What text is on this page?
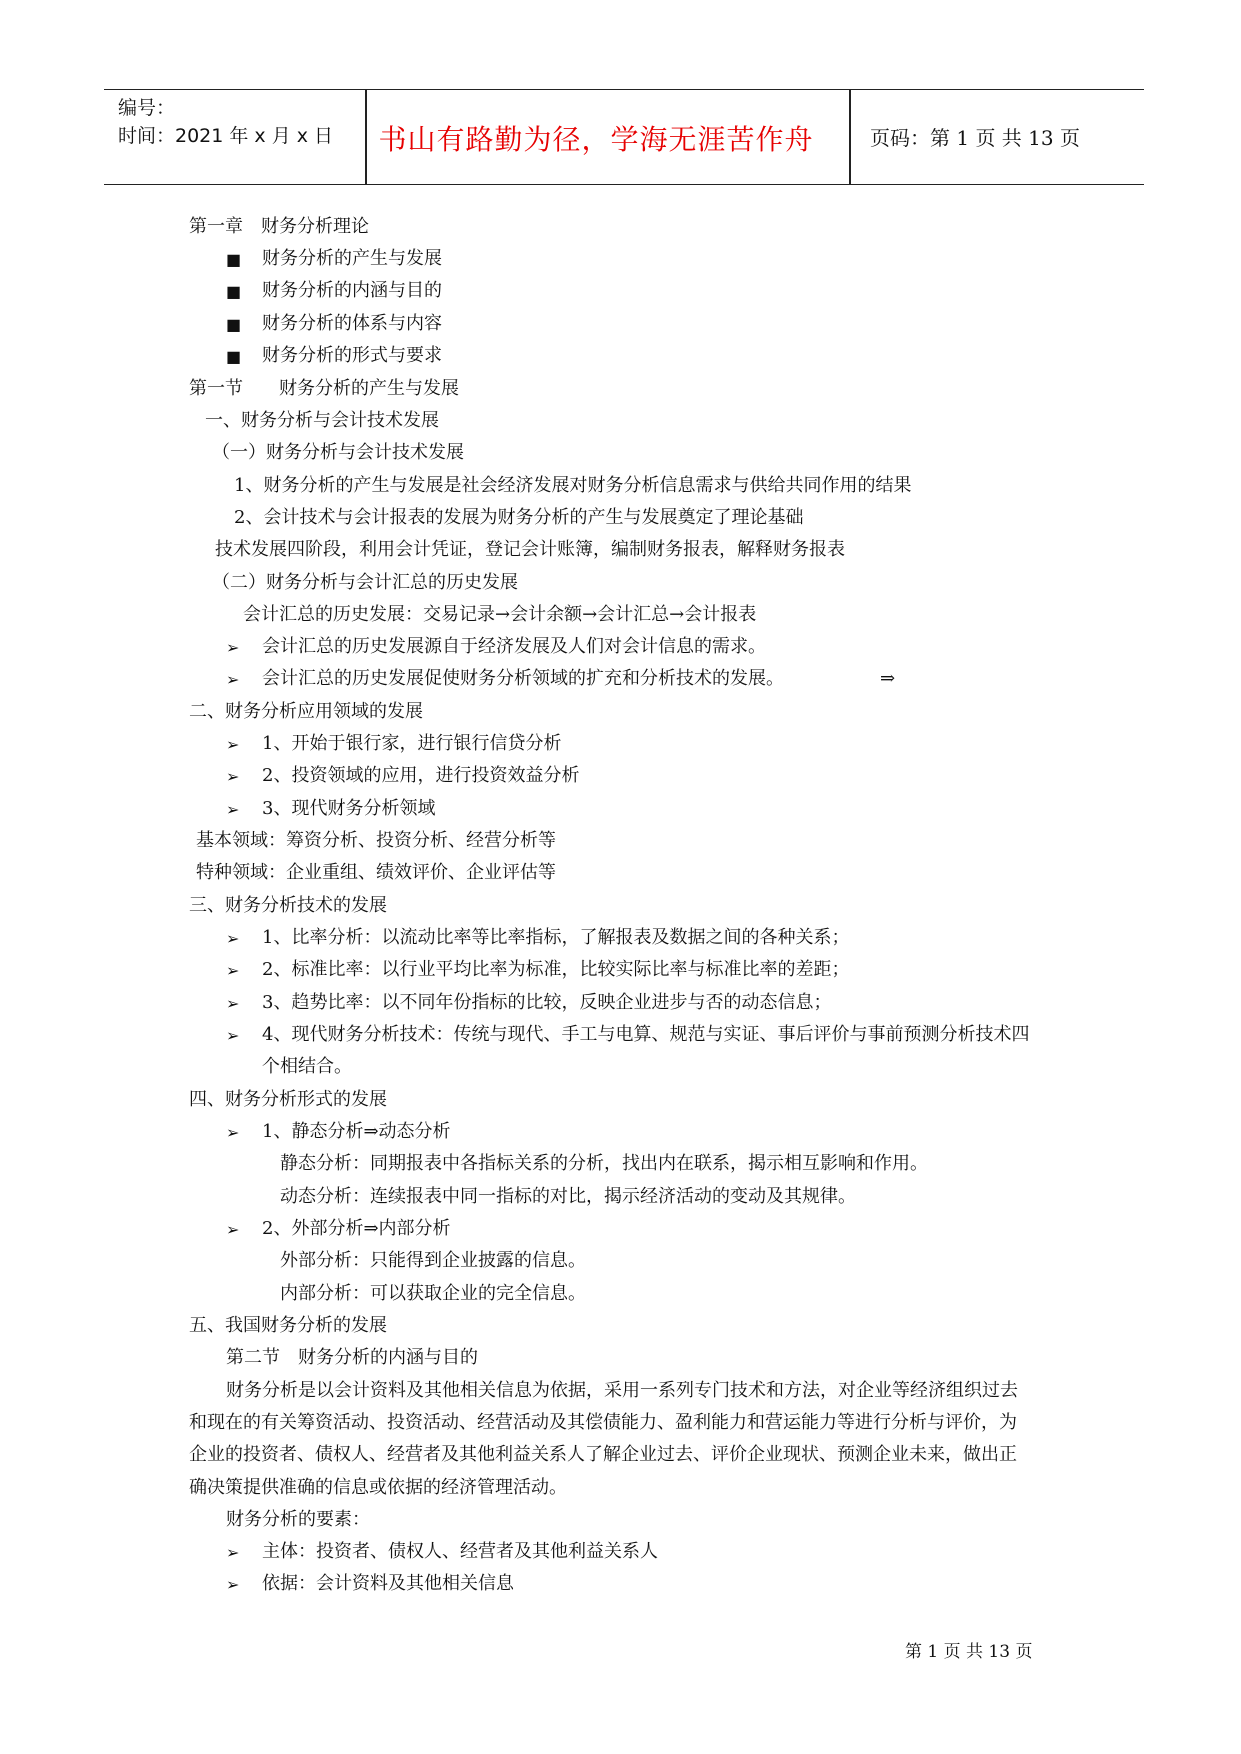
编号：
时间：2021 年 x 月 x 日	书山有路勤为径，学海无涯苦作舟	页码：第 1 页 共 13 页
第一章　财务分析理论
■ 财务分析的产生与发展
■ 财务分析的内涵与目的
■ 财务分析的体系与内容
■ 财务分析的形式与要求
第一节　　财务分析的产生与发展
一、财务分析与会计技术发展
（一）财务分析与会计技术发展
1、财务分析的产生与发展是社会经济发展对财务分析信息需求与供给共同作用的结果
2、会计技术与会计报表的发展为财务分析的产生与发展奠定了理论基础
技术发展四阶段，利用会计凭证，登记会计账簿，编制财务报表，解释财务报表
（二）财务分析与会计汇总的历史发展
会计汇总的历史发展：交易记录→会计余额→会计汇总→会计报表
➢ 会计汇总的历史发展源自于经济发展及人们对会计信息的需求。
➢ 会计汇总的历史发展促使财务分析领域的扩充和分析技术的发展。	⇒
二、财务分析应用领域的发展
➢ 1、开始于银行家，进行银行信贷分析
➢ 2、投资领域的应用，进行投资效益分析
➢ 3、现代财务分析领域
基本领域：筹资分析、投资分析、经营分析等
特种领域：企业重组、绩效评价、企业评估等
三、财务分析技术的发展
➢ 1、比率分析：以流动比率等比率指标，了解报表及数据之间的各种关系；
➢ 2、标准比率：以行业平均比率为标准，比较实际比率与标准比率的差距；
➢ 3、趋势比率：以不同年份指标的比较，反映企业进步与否的动态信息；
➢ 4、现代财务分析技术：传统与现代、手工与电算、规范与实证、事后评价与事前预测分析技术四
个相结合。
四、财务分析形式的发展
➢ 1、静态分析⇒动态分析
静态分析：同期报表中各指标关系的分析，找出内在联系，揭示相互影响和作用。
动态分析：连续报表中同一指标的对比，揭示经济活动的变动及其规律。
➢ 2、外部分析⇒内部分析
外部分析：只能得到企业披露的信息。
内部分析：可以获取企业的完全信息。
五、我国财务分析的发展
第二节　财务分析的内涵与目的
财务分析是以会计资料及其他相关信息为依据，采用一系列专门技术和方法，对企业等经济组织过去
和现在的有关筹资活动、投资活动、经营活动及其偿债能力、盈利能力和营运能力等进行分析与评价，为
企业的投资者、债权人、经营者及其他利益关系人了解企业过去、评价企业现状、预测企业未来，做出正
确决策提供准确的信息或依据的经济管理活动。
财务分析的要素：
➢ 主体：投资者、债权人、经营者及其他利益关系人
➢ 依据：会计资料及其他相关信息
第 1 页 共 13 页
